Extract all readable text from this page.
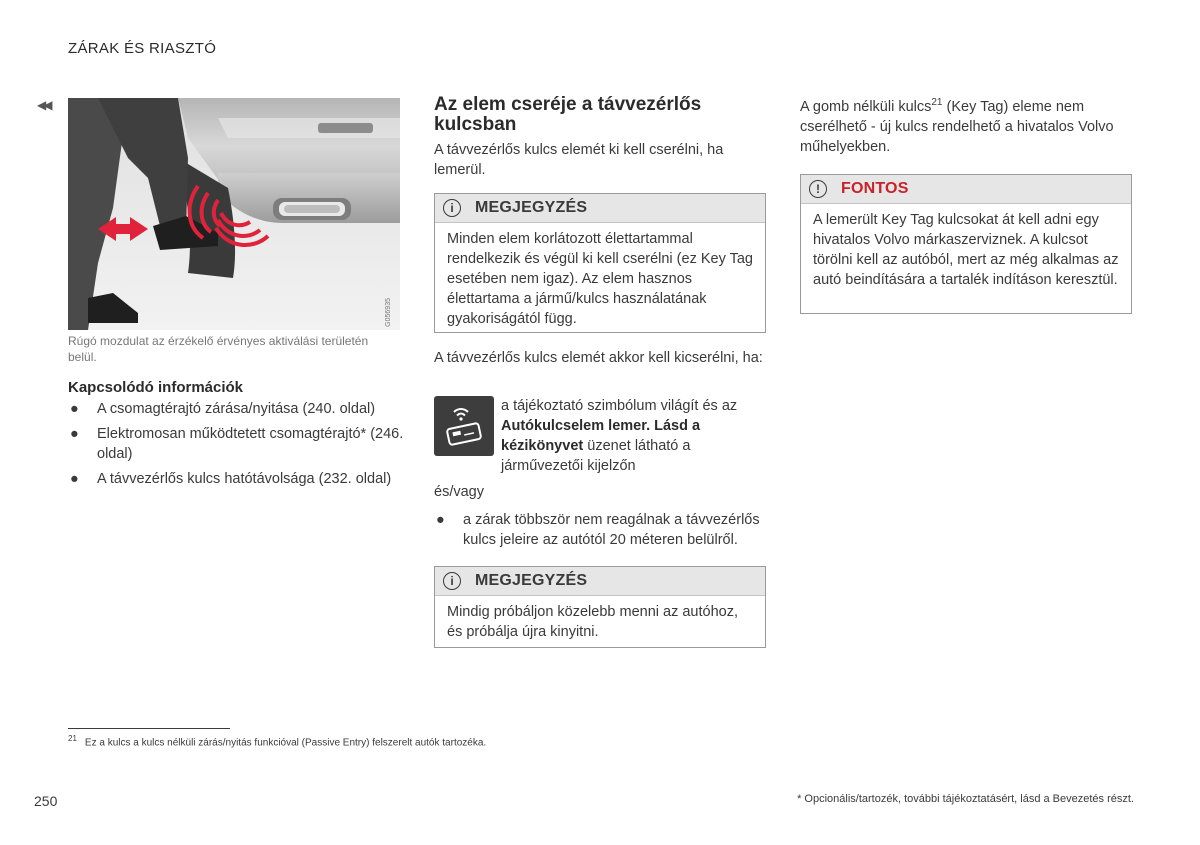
ZÁRAK ÉS RIASZTÓ
◀◀
G056935
Rúgó mozdulat az érzékelő érvényes aktiválási területén belül.
Kapcsolódó információk
● A csomagtérajtó zárása/nyitása (240. oldal)
● Elektromosan működtetett csomagtérajtó* (246. oldal)
● A távvezérlős kulcs hatótávolsága (232. oldal)
Az elem cseréje a távvezérlős kulcsban
A távvezérlős kulcs elemét ki kell cserélni, ha lemerül.
i	MEGJEGYZÉS
Minden elem korlátozott élettartammal rendelkezik és végül ki kell cserélni (ez Key Tag esetében nem igaz). Az elem hasznos élettartama a jármű/kulcs használatának gyakoriságától függ.
A távvezérlős kulcs elemét akkor kell kicserélni, ha:
a tájékoztató szimbólum világít és az Autókulcselem lemer. Lásd a kézikönyvet üzenet látható a járművezetői kijelzőn
és/vagy
● a zárak többször nem reagálnak a távvezérlős kulcs jeleire az autótól 20 méteren belülről.
i	MEGJEGYZÉS
Mindig próbáljon közelebb menni az autóhoz, és próbálja újra kinyitni.
A gomb nélküli kulcs$^{21}$ (Key Tag) eleme nem cserélhető - új kulcs rendelhető a hivatalos Volvo műhelyekben.
!	FONTOS
A lemerült Key Tag kulcsokat át kell adni egy hivatalos Volvo márkaszerviznek. A kulcsot törölni kell az autóból, mert az még alkalmas az autó beindítására a tartalék indításon keresztül.
$^{21}$ Ez a kulcs a kulcs nélküli zárás/nyitás funkcióval (Passive Entry) felszerelt autók tartozéka.
250	* Opcionális/tartozék, további tájékoztatásért, lásd a Bevezetés részt.
